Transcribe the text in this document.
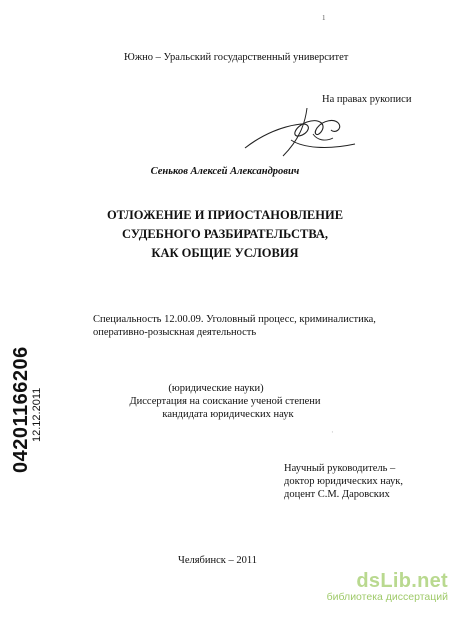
1
Южно – Уральский государственный университет
На правах рукописи
Сеньков Алексей Александрович
ОТЛОЖЕНИЕ И ПРИОСТАНОВЛЕНИЕ
СУДЕБНОГО РАЗБИРАТЕЛЬСТВА,
КАК ОБЩИЕ УСЛОВИЯ
Специальность 12.00.09. Уголовный процесс, криминалистика,
оперативно-розыскная деятельность
(юридические науки)
Диссертация на соискание ученой степени
кандидата юридических наук
ˌ
Научный руководитель –
доктор юридических наук,
доцент С.М. Даровских
Челябинск – 2011
04201166206 12.12.2011
dsLib.net
библиотека диссертаций
